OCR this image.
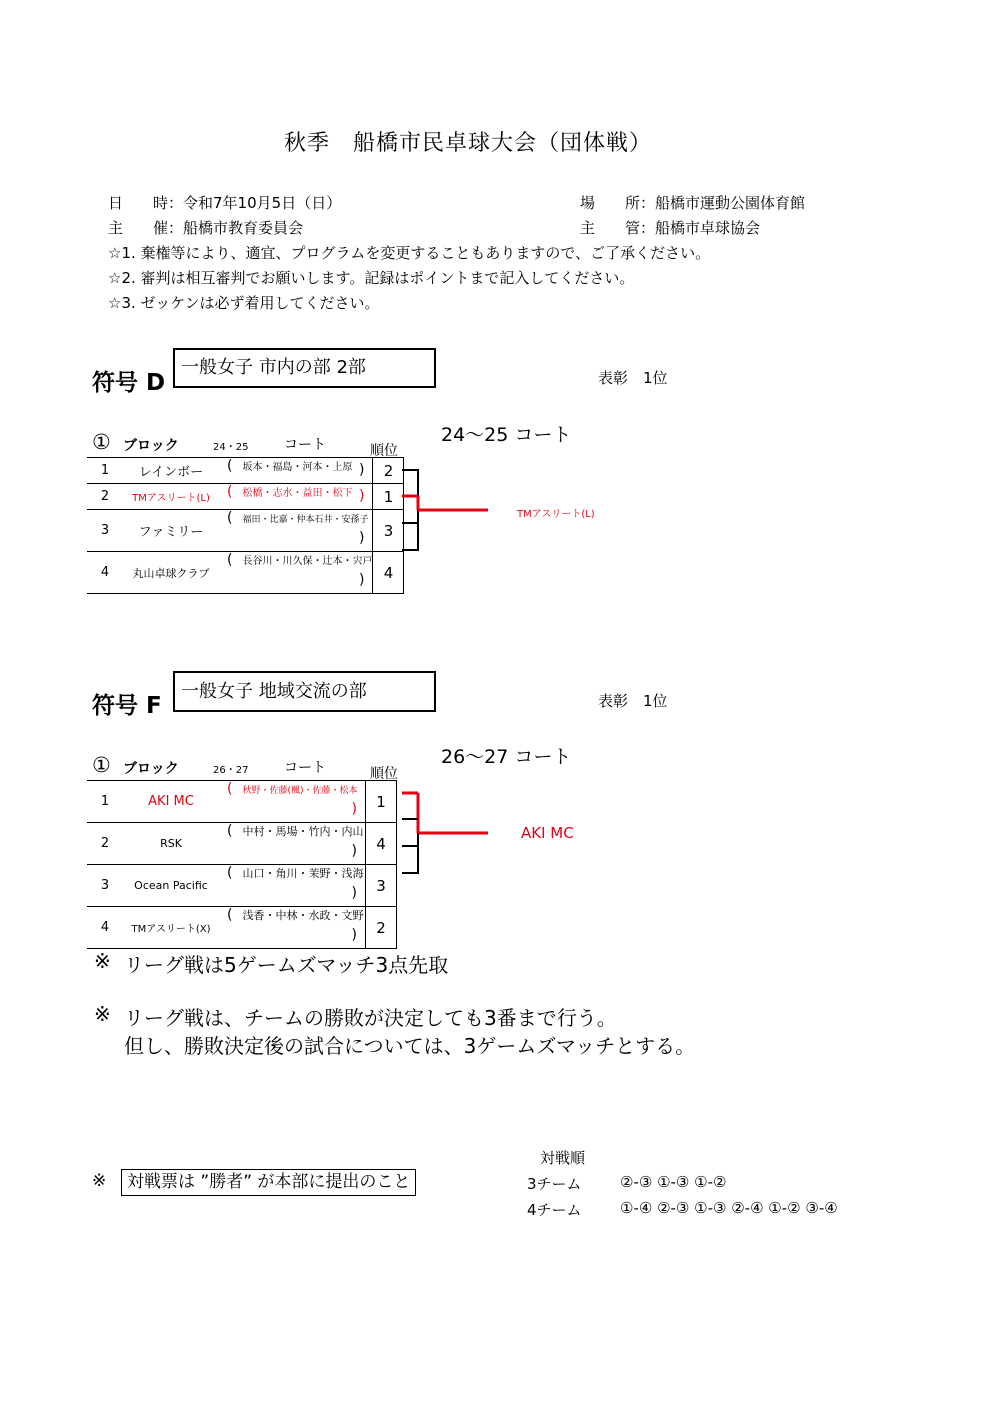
秋季　船橋市民卓球大会（団体戦）
日　　時：令和7年10月5日（日）	場　　所：船橋市運動公園体育館
主　　催：船橋市教育委員会	主　　管：船橋市卓球協会
☆1. 棄権等により、適宜、プログラムを変更することもありますので、ご了承ください。
☆2. 審判は相互審判でお願いします。記録はポイントまで記入してください。
☆3. ゼッケンは必ず着用してください。
符号 D
一般女子 市内の部 2部	表彰　1位
24～25 コート
① ブロック	24・25	コート	順位
1	レインボー	( 坂本・福島・河本・上原 )	2
2	TMアスリート(L)	( 松橋・志水・益田・松下 )	1
3	ファミリー	( 福田・比嘉・仲本石井・安孫子
)	3
4	丸山卓球クラブ	( 長谷川・川久保・辻本・宍戸
)	4
TMアスリート(L)
符号 F
一般女子 地域交流の部	表彰　1位
26～27 コート
① ブロック	26・27	コート	順位
1	AKI MC	( 秋野・佐藤(楓)・佐藤・松本
)	1
2	RSK	( 中村・馬場・竹内・内山
)	4
3	Ocean Pacific	( 山口・角川・茉野・浅海
)	3
4	TMアスリート(X)	( 浅香・中林・水政・文野
)	2
AKI MC
※ リーグ戦は5ゲームズマッチ3点先取
※ リーグ戦は、チームの勝敗が決定しても3番まで行う。
但し、勝敗決定後の試合については、3ゲームズマッチとする。
※	対戦票は ”勝者” が本部に提出のこと
対戦順
3チーム	②-③ ①-③ ①-②
4チーム	①-④ ②-③ ①-③ ②-④ ①-② ③-④
